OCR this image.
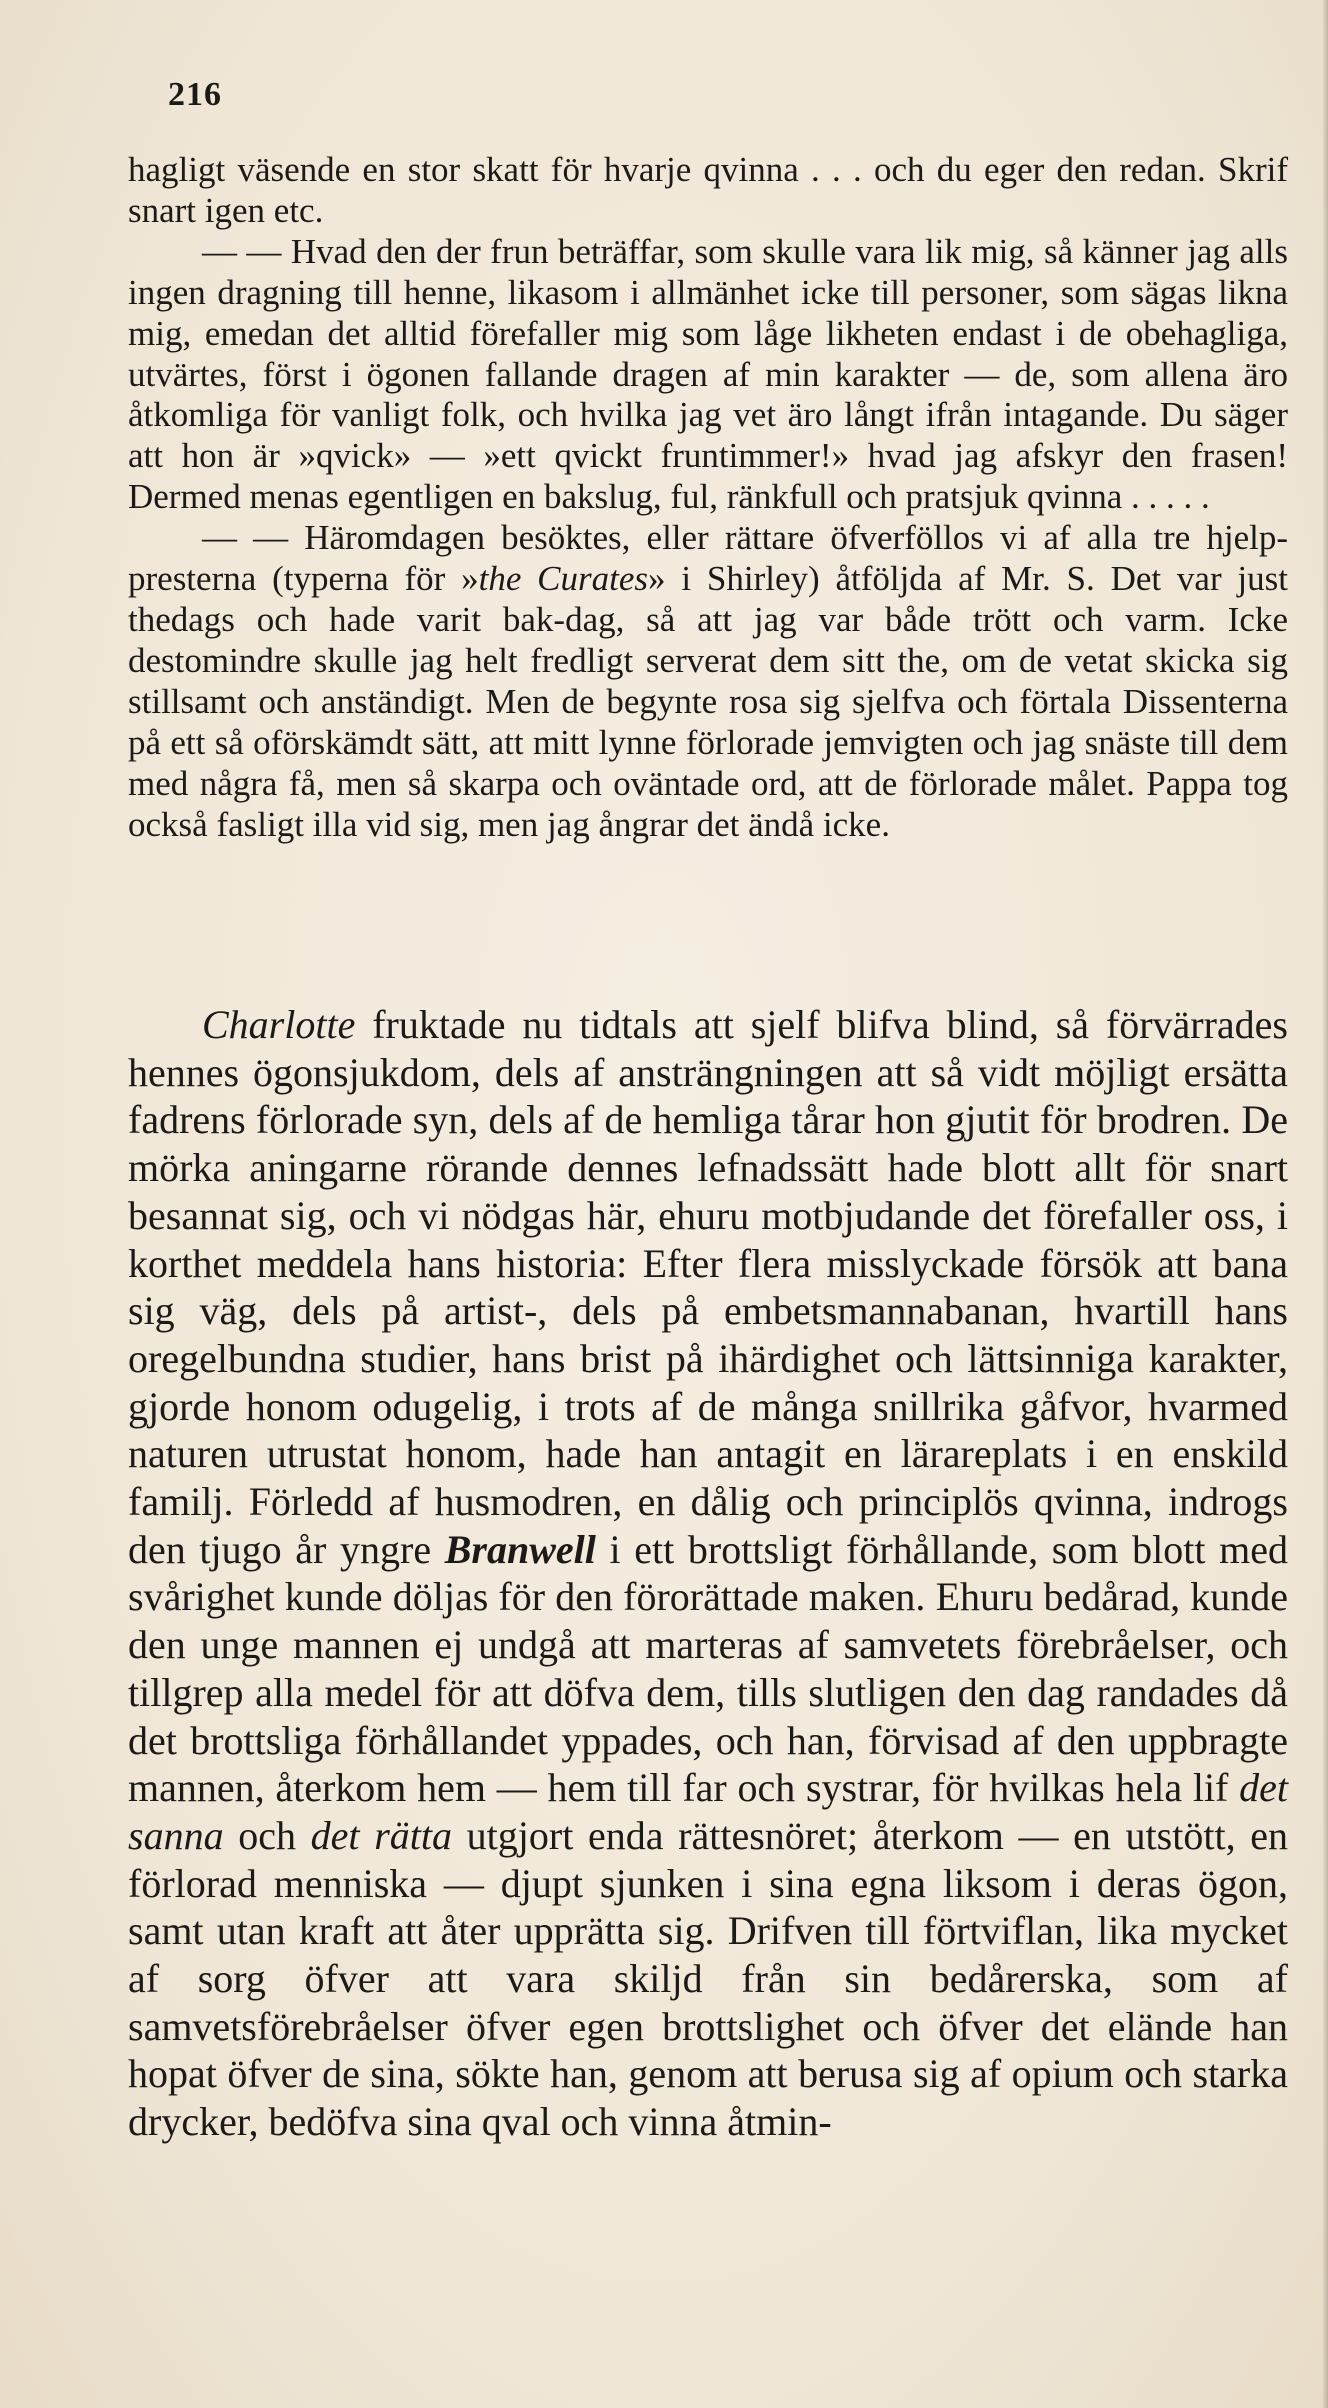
216

hagligt väsende en stor skatt för hvarje qvinna . . . och du eger den redan. Skrif snart igen etc.

— — Hvad den der frun beträffar, som skulle vara lik mig, så känner jag alls ingen dragning till henne, likasom i allmänhet icke till personer, som sägas likna mig, emedan det alltid förefaller mig som låge likheten endast i de obehagliga, utvärtes, först i ögonen fallande dragen af min karakter — de, som allena äro åtkomliga för vanligt folk, och hvilka jag vet äro långt ifrån intagande. Du säger att hon är »qvick» — »ett qvickt fruntimmer!» hvad jag afskyr den frasen! Dermed menas egentligen en bakslug, ful, ränkfull och pratsjuk qvinna . . . . .

— — Häromdagen besöktes, eller rättare öfverföllos vi af alla tre hjelp-presterna (typerna för »the Curates» i Shirley) åtföljda af Mr. S. Det var just thedags och hade varit bak-dag, så att jag var både trött och varm. Icke destomindre skulle jag helt fredligt serverat dem sitt the, om de vetat skicka sig stillsamt och anständigt. Men de begynte rosa sig sjelfva och förtala Dissenterna på ett så oförskämdt sätt, att mitt lynne förlorade jemvigten och jag snäste till dem med några få, men så skarpa och oväntade ord, att de förlorade målet. Pappa tog också fasligt illa vid sig, men jag ångrar det ändå icke.

Charlotte fruktade nu tidtals att sjelf blifva blind, så förvärrades hennes ögonsjukdom, dels af ansträngningen att så vidt möjligt ersätta fadrens förlorade syn, dels af de hemliga tårar hon gjutit för brodren. De mörka aningarne rörande dennes lefnadssätt hade blott allt för snart besannat sig, och vi nödgas här, ehuru motbjudande det förefaller oss, i korthet meddela hans historia: Efter flera misslyckade försök att bana sig väg, dels på artist-, dels på embetsmannabanan, hvartill hans oregelbundna studier, hans brist på ihärdighet och lättsinniga karakter, gjorde honom odugelig, i trots af de många snillrika gåfvor, hvarmed naturen utrustat honom, hade han antagit en lärareplats i en enskild familj. Förledd af husmodren, en dålig och principlös qvinna, indrogs den tjugo år yngre Branwell i ett brottsligt förhållande, som blott med svårighet kunde döljas för den förorättade maken. Ehuru bedårad, kunde den unge mannen ej undgå att marteras af samvetets förebråelser, och tillgrep alla medel för att döfva dem, tills slutligen den dag randades då det brottsliga förhållandet yppades, och han, förvisad af den uppbragte mannen, återkom hem — hem till far och systrar, för hvilkas hela lif det sanna och det rätta utgjort enda rättesnöret; återkom — en utstött, en förlorad menniska — djupt sjunken i sina egna liksom i deras ögon, samt utan kraft att åter upprätta sig. Drifven till förtviflan, lika mycket af sorg öfver att vara skiljd från sin bedårerska, som af samvetsförebråelser öfver egen brottslighet och öfver det elände han hopat öfver de sina, sökte han, genom att berusa sig af opium och starka drycker, bedöfva sina qval och vinna åtmin-
